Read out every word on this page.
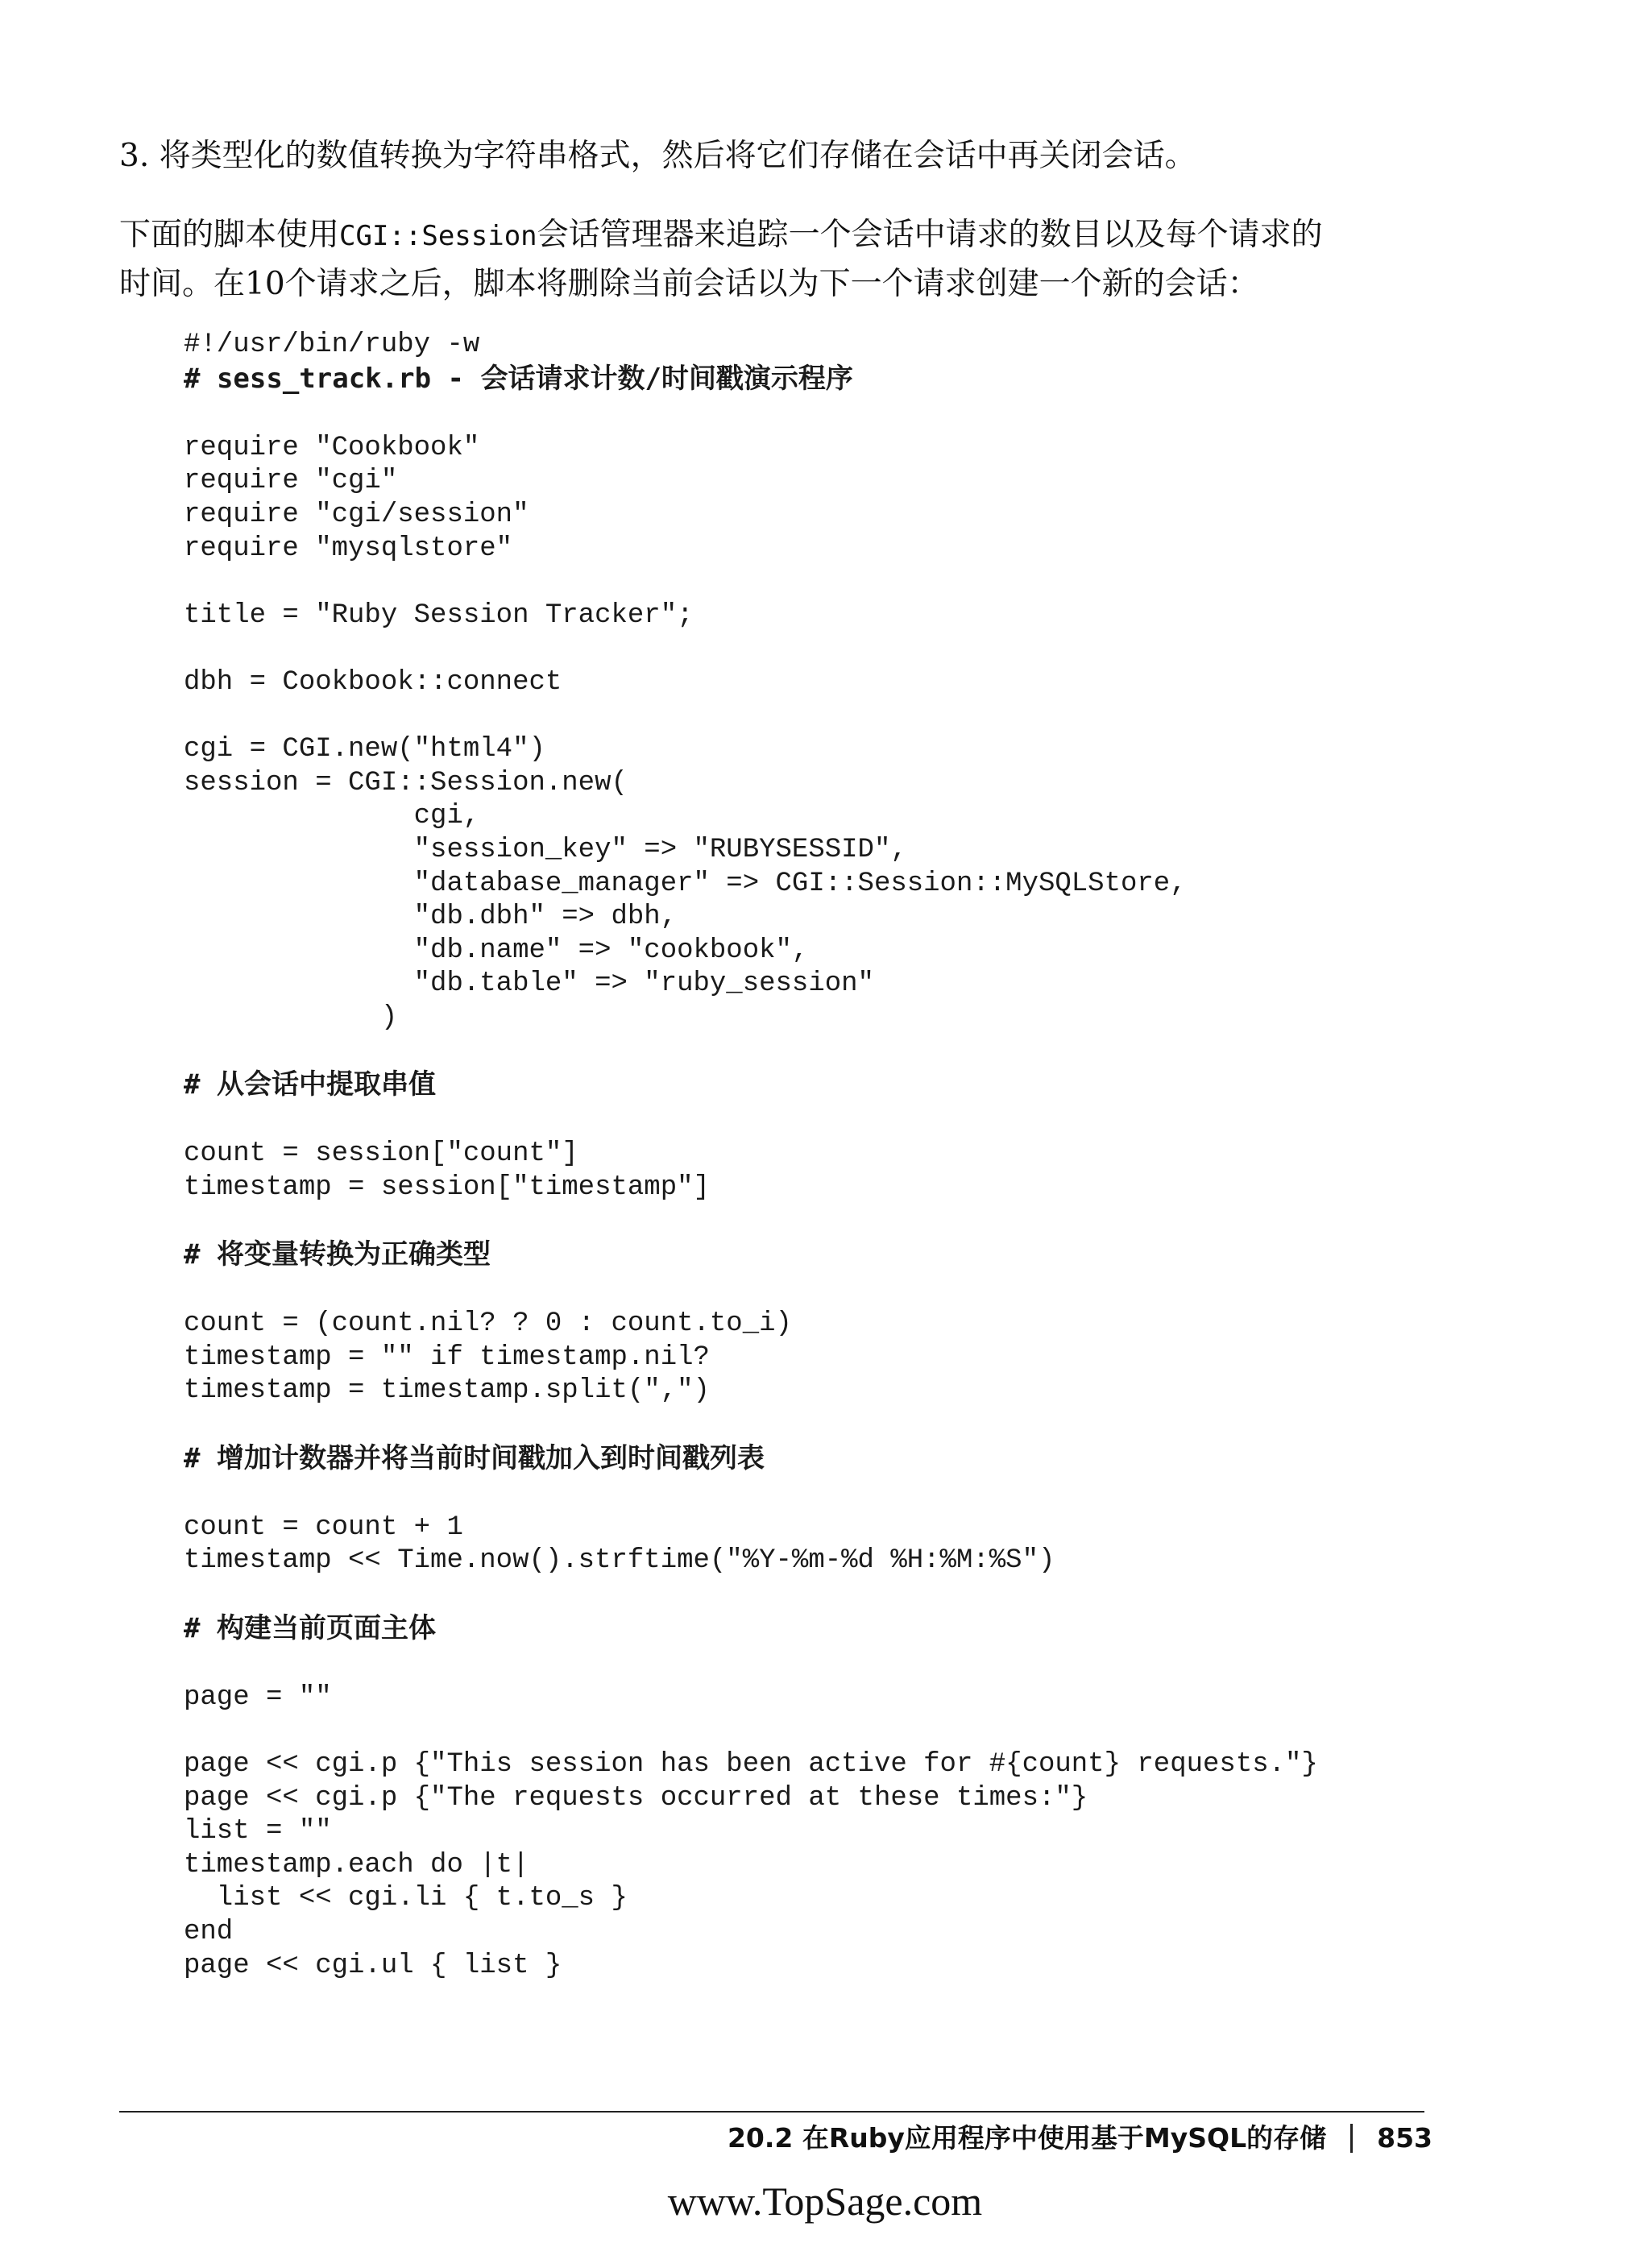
3. 将类型化的数值转换为字符串格式，然后将它们存储在会话中再关闭会话。
下面的脚本使用CGI::Session会话管理器来追踪一个会话中请求的数目以及每个请求的
时间。在10个请求之后，脚本将删除当前会话以为下一个请求创建一个新的会话：
#!/usr/bin/ruby -w
# sess_track.rb - 会话请求计数/时间戳演示程序

require "Cookbook"
require "cgi"
require "cgi/session"
require "mysqlstore"

title = "Ruby Session Tracker";

dbh = Cookbook::connect

cgi = CGI.new("html4")
session = CGI::Session.new(
cgi,
"session_key" => "RUBYSESSID",
"database_manager" => CGI::Session::MySQLStore,
"db.dbh" => dbh,
"db.name" => "cookbook",
"db.table" => "ruby_session"
)

# 从会话中提取串值

count = session["count"]
timestamp = session["timestamp"]

# 将变量转换为正确类型

count = (count.nil? ? 0 : count.to_i)
timestamp = "" if timestamp.nil?
timestamp = timestamp.split(",")

# 增加计数器并将当前时间戳加入到时间戳列表

count = count + 1
timestamp << Time.now().strftime("%Y-%m-%d %H:%M:%S")

# 构建当前页面主体

page = ""

page << cgi.p {"This session has been active for #{count} requests."}
page << cgi.p {"The requests occurred at these times:"}
list = ""
timestamp.each do |t|
list << cgi.li { t.to_s }
end
page << cgi.ul { list }

20.2 在Ruby应用程序中使用基于MySQL的存储 853
www.TopSage.com
